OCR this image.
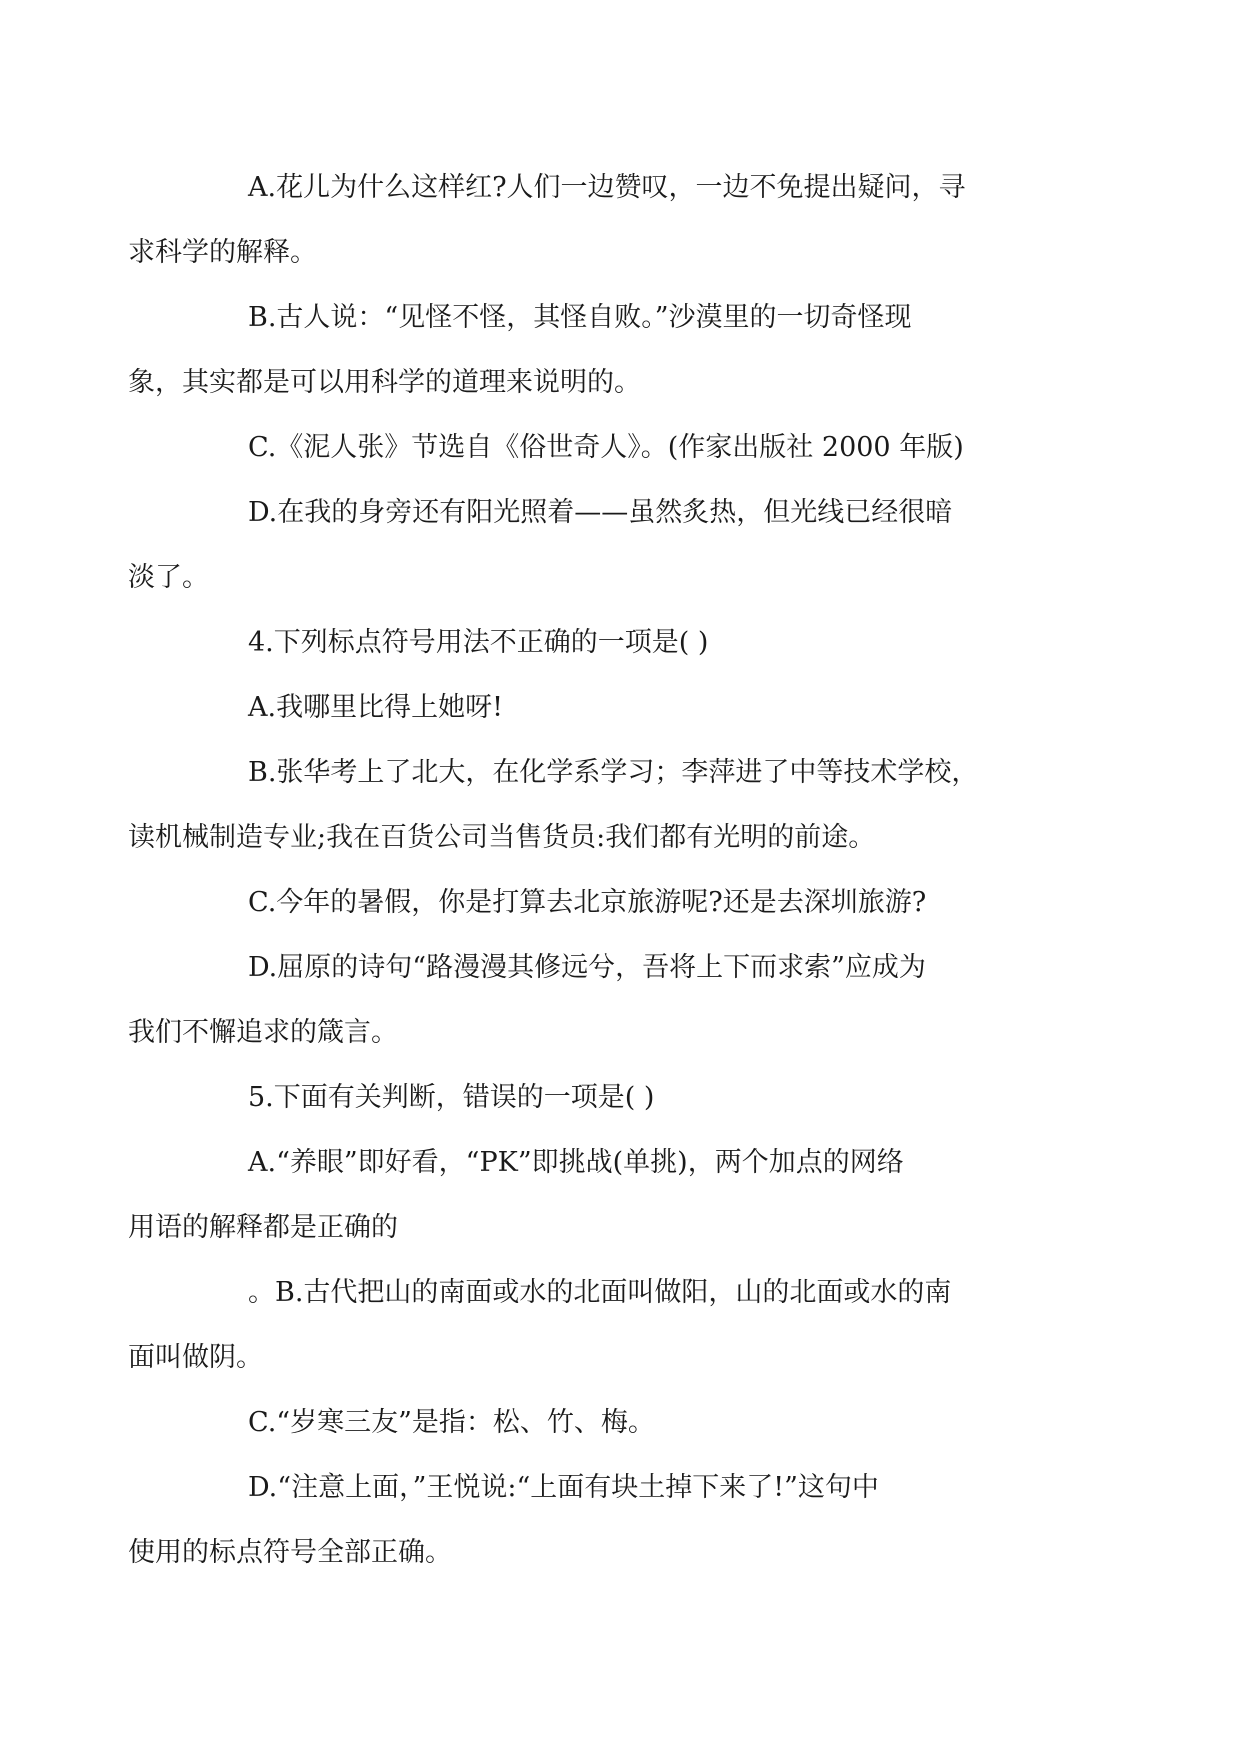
A.花儿为什么这样红?人们一边赞叹，一边不免提出疑问，寻
求科学的解释。

B.古人说：“见怪不怪，其怪自败。”沙漠里的一切奇怪现
象，其实都是可以用科学的道理来说明的。

C.《泥人张》节选自《俗世奇人》。(作家出版社 2000 年版)

D.在我的身旁还有阳光照着——虽然炙热，但光线已经很暗
淡了。

4.下列标点符号用法不正确的一项是( )

A.我哪里比得上她呀!

B.张华考上了北大，在化学系学习；李萍进了中等技术学校，
读机械制造专业;我在百货公司当售货员:我们都有光明的前途。

C.今年的暑假，你是打算去北京旅游呢?还是去深圳旅游?

D.屈原的诗句“路漫漫其修远兮，吾将上下而求索”应成为
我们不懈追求的箴言。

5.下面有关判断，错误的一项是( )

A.“养眼”即好看，“PK”即挑战(单挑)，两个加点的网络
用语的解释都是正确的

。B.古代把山的南面或水的北面叫做阳，山的北面或水的南
面叫做阴。

C.“岁寒三友”是指：松、竹、梅。

D.“注意上面，”王悦说:“上面有块土掉下来了!”这句中
使用的标点符号全部正确。
